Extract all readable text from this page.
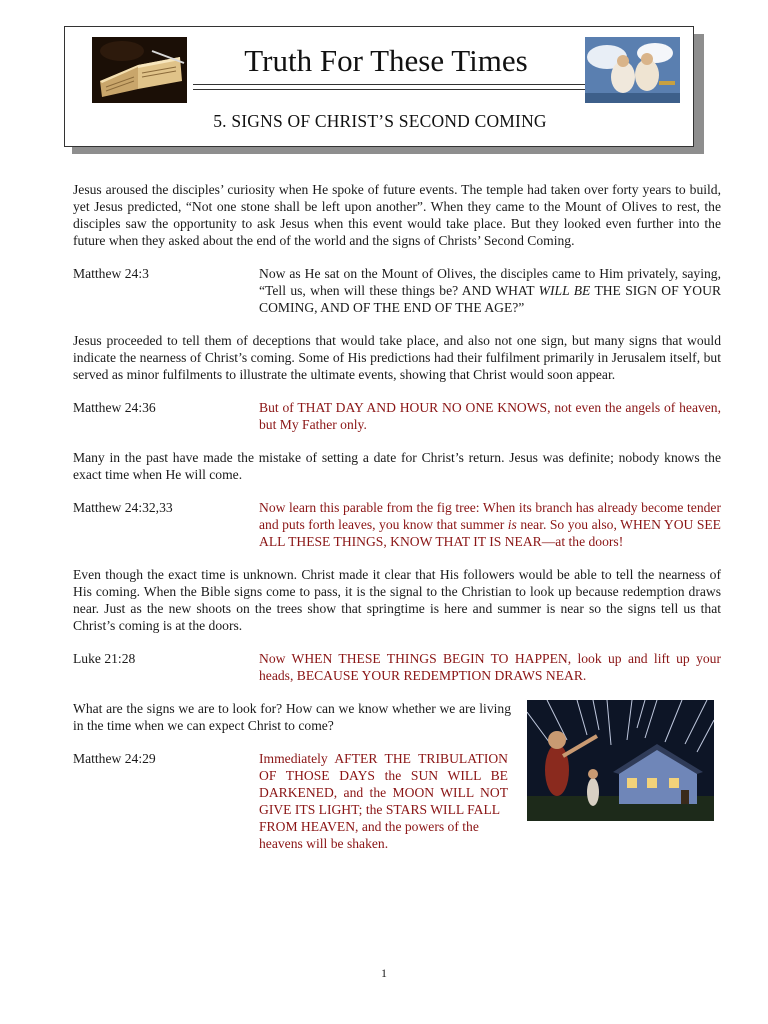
Truth For These Times
5. SIGNS OF CHRIST’S SECOND COMING

Jesus aroused the disciples’ curiosity when He spoke of future events. The temple had taken over forty years to build, yet Jesus predicted, “Not one stone shall be left upon another”. When they came to the Mount of Olives to rest, the disciples saw the opportunity to ask Jesus when this event would take place. But they looked even further into the future when they asked about the end of the world and the signs of Christs’ Second Coming.

Matthew 24:3	Now as He sat on the Mount of Olives, the disciples came to Him privately, saying, “Tell us, when will these things be? AND WHAT WILL BE THE SIGN OF YOUR COMING, AND OF THE END OF THE AGE?”

Jesus proceeded to tell them of deceptions that would take place, and also not one sign, but many signs that would indicate the nearness of Christ’s coming. Some of His predictions had their fulfilment primarily in Jerusalem itself, but served as minor fulfilments to illustrate the ultimate events, showing that Christ would soon appear.

Matthew 24:36	But of THAT DAY AND HOUR NO ONE KNOWS, not even the angels of heaven, but My Father only.

Many in the past have made the mistake of setting a date for Christ’s return. Jesus was definite; nobody knows the exact time when He will come.

Matthew 24:32,33	Now learn this parable from the fig tree: When its branch has already become tender and puts forth leaves, you know that summer is near. So you also, WHEN YOU SEE ALL THESE THINGS, KNOW THAT IT IS NEAR—at the doors!

Even though the exact time is unknown. Christ made it clear that His followers would be able to tell the nearness of His coming. When the Bible signs come to pass, it is the signal to the Christian to look up because redemption draws near. Just as the new shoots on the trees show that springtime is here and summer is near so the signs tell us that Christ’s coming is at the doors.

Luke 21:28	Now WHEN THESE THINGS BEGIN TO HAPPEN, look up and lift up your heads, BECAUSE YOUR REDEMPTION DRAWS NEAR.

What are the signs we are to look for? How can we know whether we are living in the time when we can expect Christ to come?

Matthew 24:29	Immediately AFTER THE TRIBULATION OF THOSE DAYS the SUN WILL BE DARKENED, and the MOON WILL NOT GIVE ITS LIGHT; the STARS WILL FALL
FROM HEAVEN, and the powers of the heavens will be shaken.
1
